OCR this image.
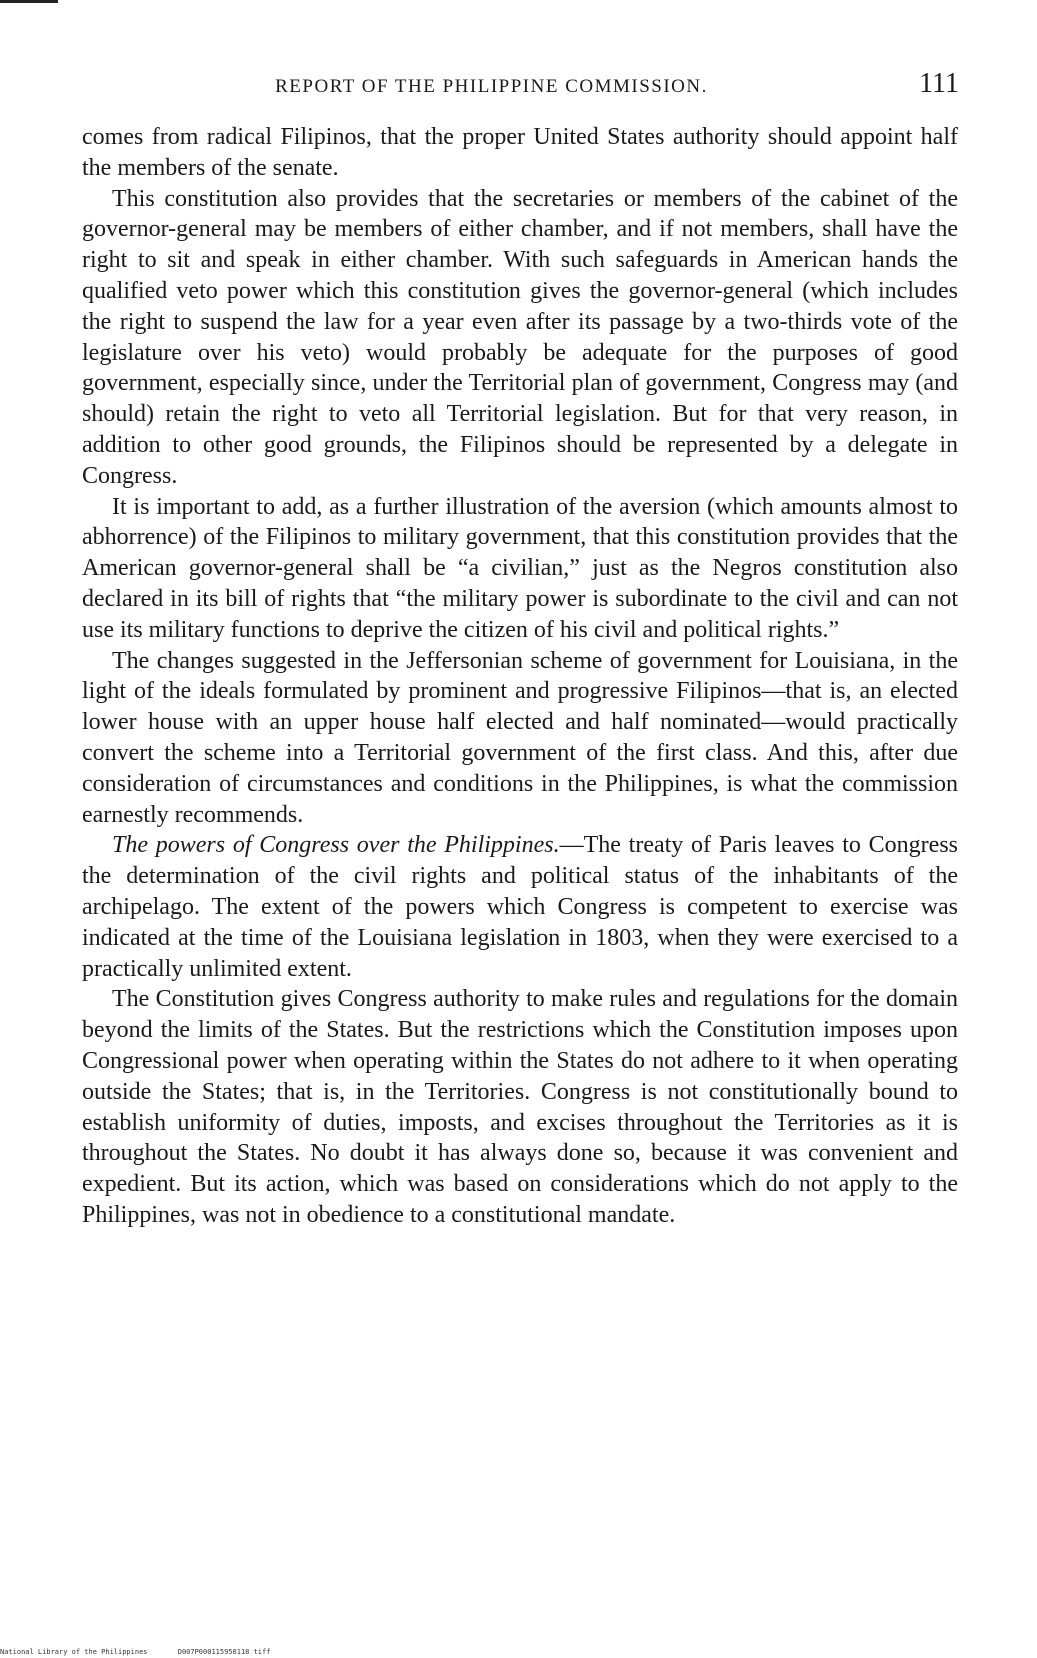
REPORT OF THE PHILIPPINE COMMISSION.	111

comes from radical Filipinos, that the proper United States authority should appoint half the members of the senate.

This constitution also provides that the secretaries or members of the cabinet of the governor-general may be members of either chamber, and if not members, shall have the right to sit and speak in either chamber. With such safeguards in American hands the qualified veto power which this constitution gives the governor-general (which includes the right to suspend the law for a year even after its passage by a two-thirds vote of the legislature over his veto) would probably be adequate for the purposes of good government, especially since, under the Territorial plan of government, Congress may (and should) retain the right to veto all Territorial legislation. But for that very reason, in addition to other good grounds, the Filipinos should be represented by a delegate in Congress.

It is important to add, as a further illustration of the aversion (which amounts almost to abhorrence) of the Filipinos to military government, that this constitution provides that the American governor-general shall be “a civilian,” just as the Negros constitution also declared in its bill of rights that “the military power is subordinate to the civil and can not use its military functions to deprive the citizen of his civil and political rights.”

The changes suggested in the Jeffersonian scheme of government for Louisiana, in the light of the ideals formulated by prominent and progressive Filipinos—that is, an elected lower house with an upper house half elected and half nominated—would practically convert the scheme into a Territorial government of the first class. And this, after due consideration of circumstances and conditions in the Philippines, is what the commission earnestly recommends.

The powers of Congress over the Philippines.—The treaty of Paris leaves to Congress the determination of the civil rights and political status of the inhabitants of the archipelago. The extent of the powers which Congress is competent to exercise was indicated at the time of the Louisiana legislation in 1803, when they were exercised to a practically unlimited extent.

The Constitution gives Congress authority to make rules and regulations for the domain beyond the limits of the States. But the restrictions which the Constitution imposes upon Congressional power when operating within the States do not adhere to it when operating outside the States; that is, in the Territories. Congress is not constitutionally bound to establish uniformity of duties, imposts, and excises throughout the Territories as it is throughout the States. No doubt it has always done so, because it was convenient and expedient. But its action, which was based on considerations which do not apply to the Philippines, was not in obedience to a constitutional mandate.

National Library of the Philippines	D007P000115950118 tiff
